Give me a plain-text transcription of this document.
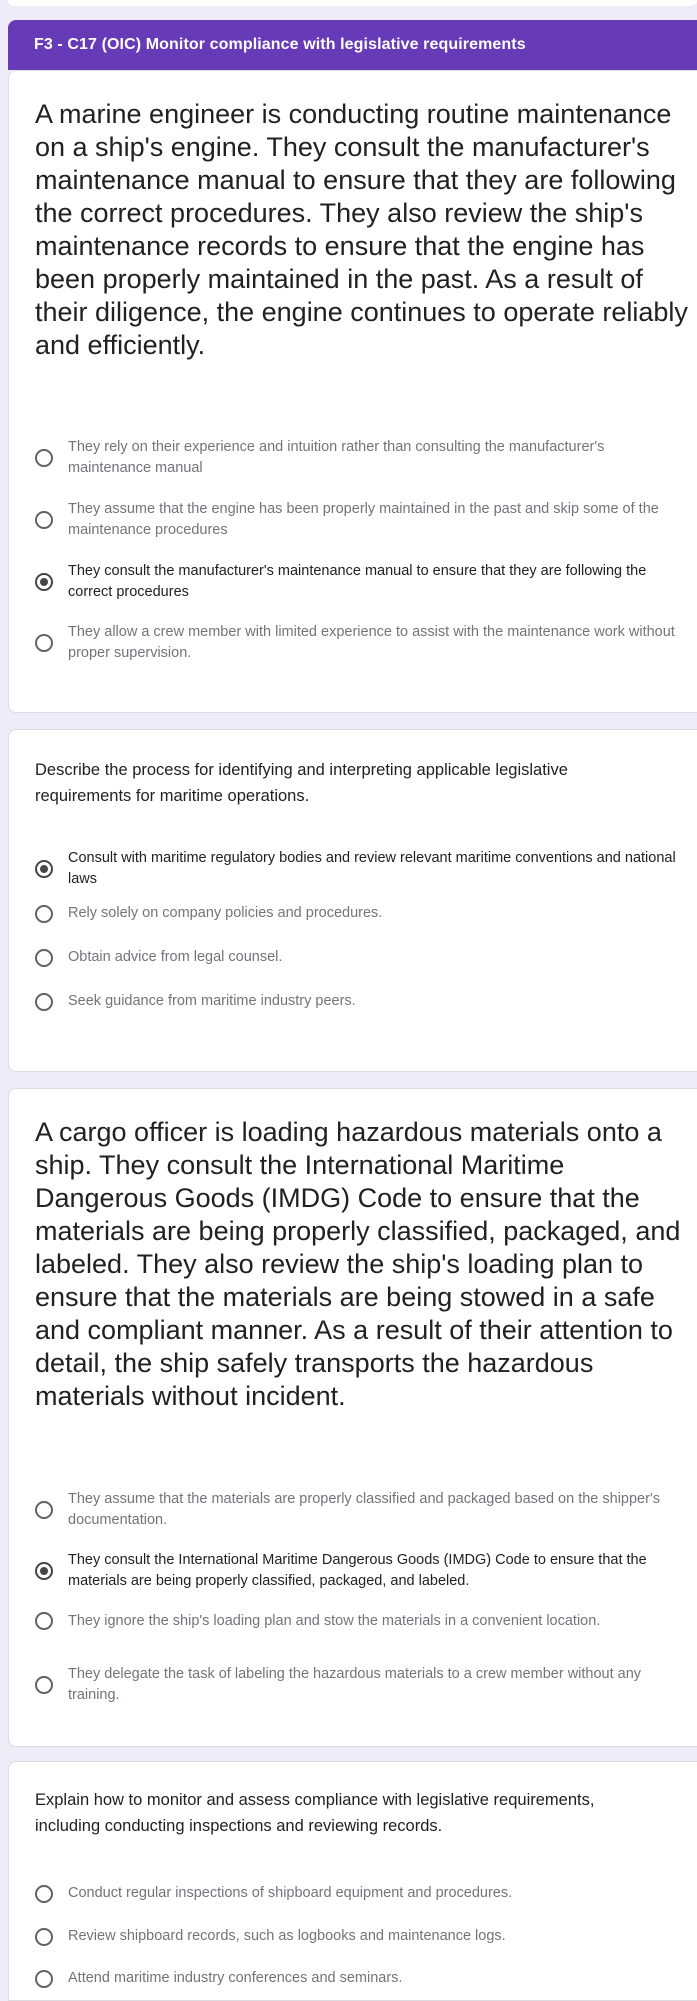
F3 - C17 (OIC) Monitor compliance with legislative requirements
A marine engineer is conducting routine maintenance on a ship's engine. They consult the manufacturer's maintenance manual to ensure that they are following the correct procedures. They also review the ship's maintenance records to ensure that the engine has been properly maintained in the past. As a result of their diligence, the engine continues to operate reliably and efficiently.
They rely on their experience and intuition rather than consulting the manufacturer's maintenance manual
They assume that the engine has been properly maintained in the past and skip some of the maintenance procedures
They consult the manufacturer's maintenance manual to ensure that they are following the correct procedures
They allow a crew member with limited experience to assist with the maintenance work without proper supervision.
Describe the process for identifying and interpreting applicable legislative requirements for maritime operations.
Consult with maritime regulatory bodies and review relevant maritime conventions and national laws
Rely solely on company policies and procedures.
Obtain advice from legal counsel.
Seek guidance from maritime industry peers.
A cargo officer is loading hazardous materials onto a ship. They consult the International Maritime Dangerous Goods (IMDG) Code to ensure that the materials are being properly classified, packaged, and labeled. They also review the ship's loading plan to ensure that the materials are being stowed in a safe and compliant manner. As a result of their attention to detail, the ship safely transports the hazardous materials without incident.
They assume that the materials are properly classified and packaged based on the shipper's documentation.
They consult the International Maritime Dangerous Goods (IMDG) Code to ensure that the materials are being properly classified, packaged, and labeled.
They ignore the ship's loading plan and stow the materials in a convenient location.
They delegate the task of labeling the hazardous materials to a crew member without any training.
Explain how to monitor and assess compliance with legislative requirements, including conducting inspections and reviewing records.
Conduct regular inspections of shipboard equipment and procedures.
Review shipboard records, such as logbooks and maintenance logs.
Attend maritime industry conferences and seminars.
